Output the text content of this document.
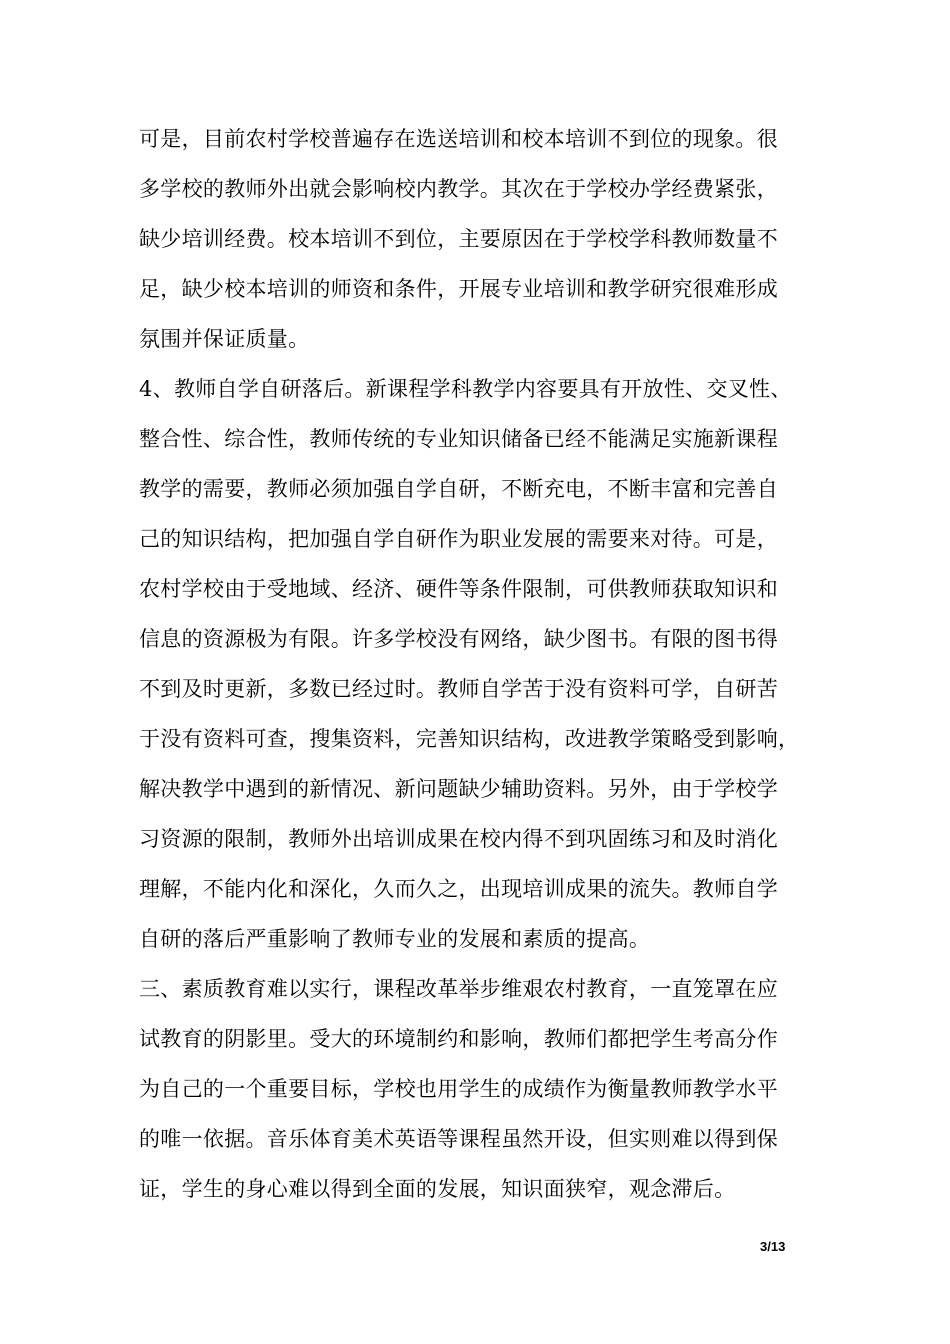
可是，目前农村学校普遍存在选送培训和校本培训不到位的现象。很
多学校的教师外出就会影响校内教学。其次在于学校办学经费紧张，
缺少培训经费。校本培训不到位，主要原因在于学校学科教师数量不
足，缺少校本培训的师资和条件，开展专业培训和教学研究很难形成
氛围并保证质量。
4、教师自学自研落后。新课程学科教学内容要具有开放性、交叉性、
整合性、综合性，教师传统的专业知识储备已经不能满足实施新课程
教学的需要，教师必须加强自学自研，不断充电，不断丰富和完善自
己的知识结构，把加强自学自研作为职业发展的需要来对待。可是，
农村学校由于受地域、经济、硬件等条件限制，可供教师获取知识和
信息的资源极为有限。许多学校没有网络，缺少图书。有限的图书得
不到及时更新，多数已经过时。教师自学苦于没有资料可学，自研苦
于没有资料可查，搜集资料，完善知识结构，改进教学策略受到影响，
解决教学中遇到的新情况、新问题缺少辅助资料。另外，由于学校学
习资源的限制，教师外出培训成果在校内得不到巩固练习和及时消化
理解，不能内化和深化，久而久之，出现培训成果的流失。教师自学
自研的落后严重影响了教师专业的发展和素质的提高。
三、素质教育难以实行，课程改革举步维艰农村教育，一直笼罩在应
试教育的阴影里。受大的环境制约和影响，教师们都把学生考高分作
为自己的一个重要目标，学校也用学生的成绩作为衡量教师教学水平
的唯一依据。音乐体育美术英语等课程虽然开设，但实则难以得到保
证，学生的身心难以得到全面的发展，知识面狭窄，观念滞后。
3/13
